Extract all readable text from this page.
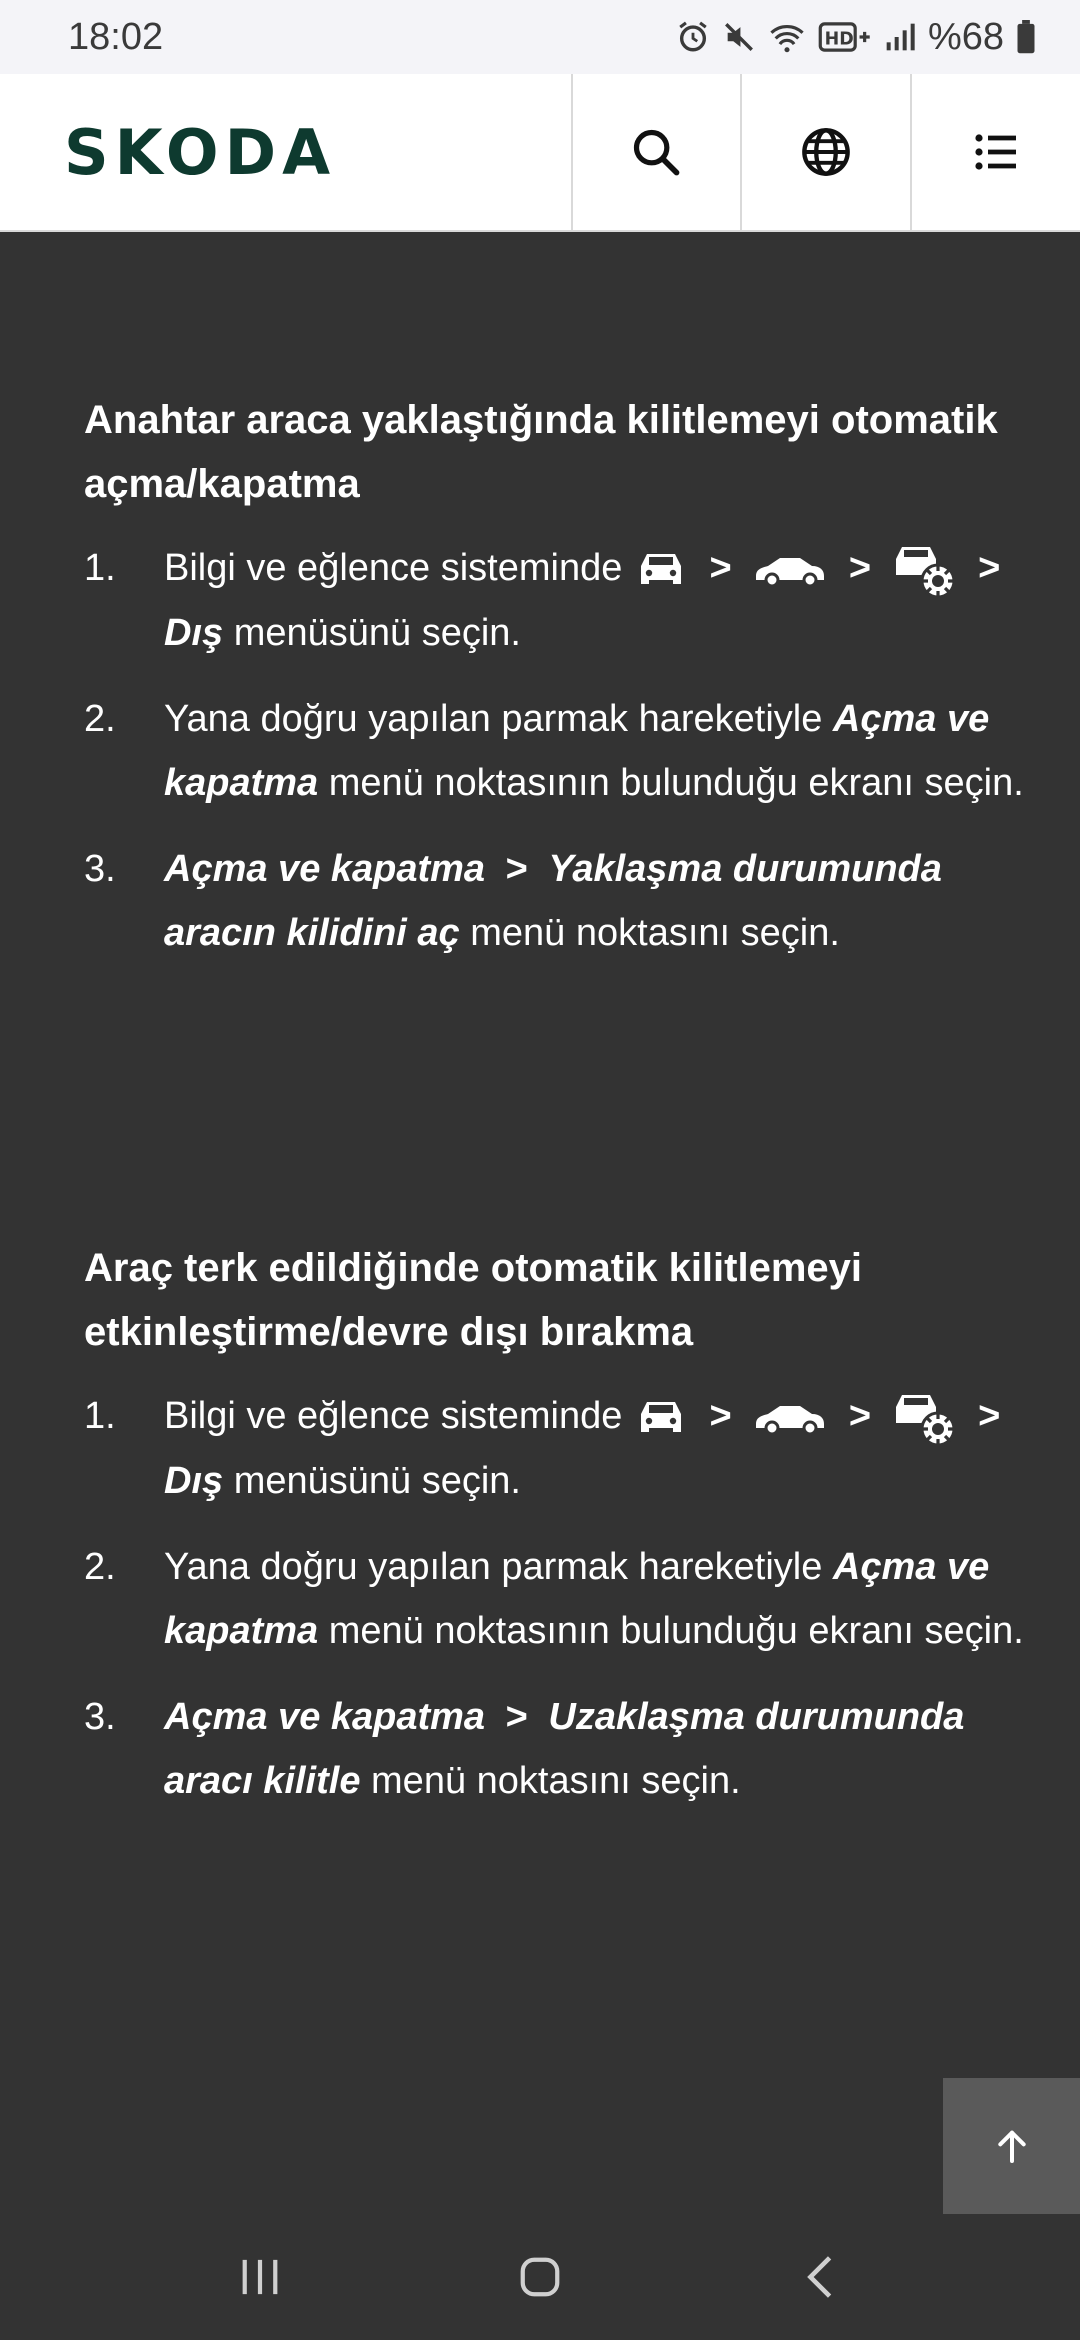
18:02	HD %68
SKODA
Anahtar araca yaklaştığında kilitlemeyi otomatik açma/kapatma
1.	Bilgi ve eğlence sisteminde >	>	> Dış menüsünü seçin.
2.	Yana doğru yapılan parmak hareketiyle Açma ve kapatma menü noktasının bulunduğu ekranı seçin.
3.	Açma ve kapatma > Yaklaşma durumunda aracın kilidini aç menü noktasını seçin.
Araç terk edildiğinde otomatik kilitlemeyi etkinleştirme/devre dışı bırakma
1.	Bilgi ve eğlence sisteminde >	>	> Dış menüsünü seçin.
2.	Yana doğru yapılan parmak hareketiyle Açma ve kapatma menü noktasının bulunduğu ekranı seçin.
3.	Açma ve kapatma > Uzaklaşma durumunda aracı kilitle menü noktasını seçin.
